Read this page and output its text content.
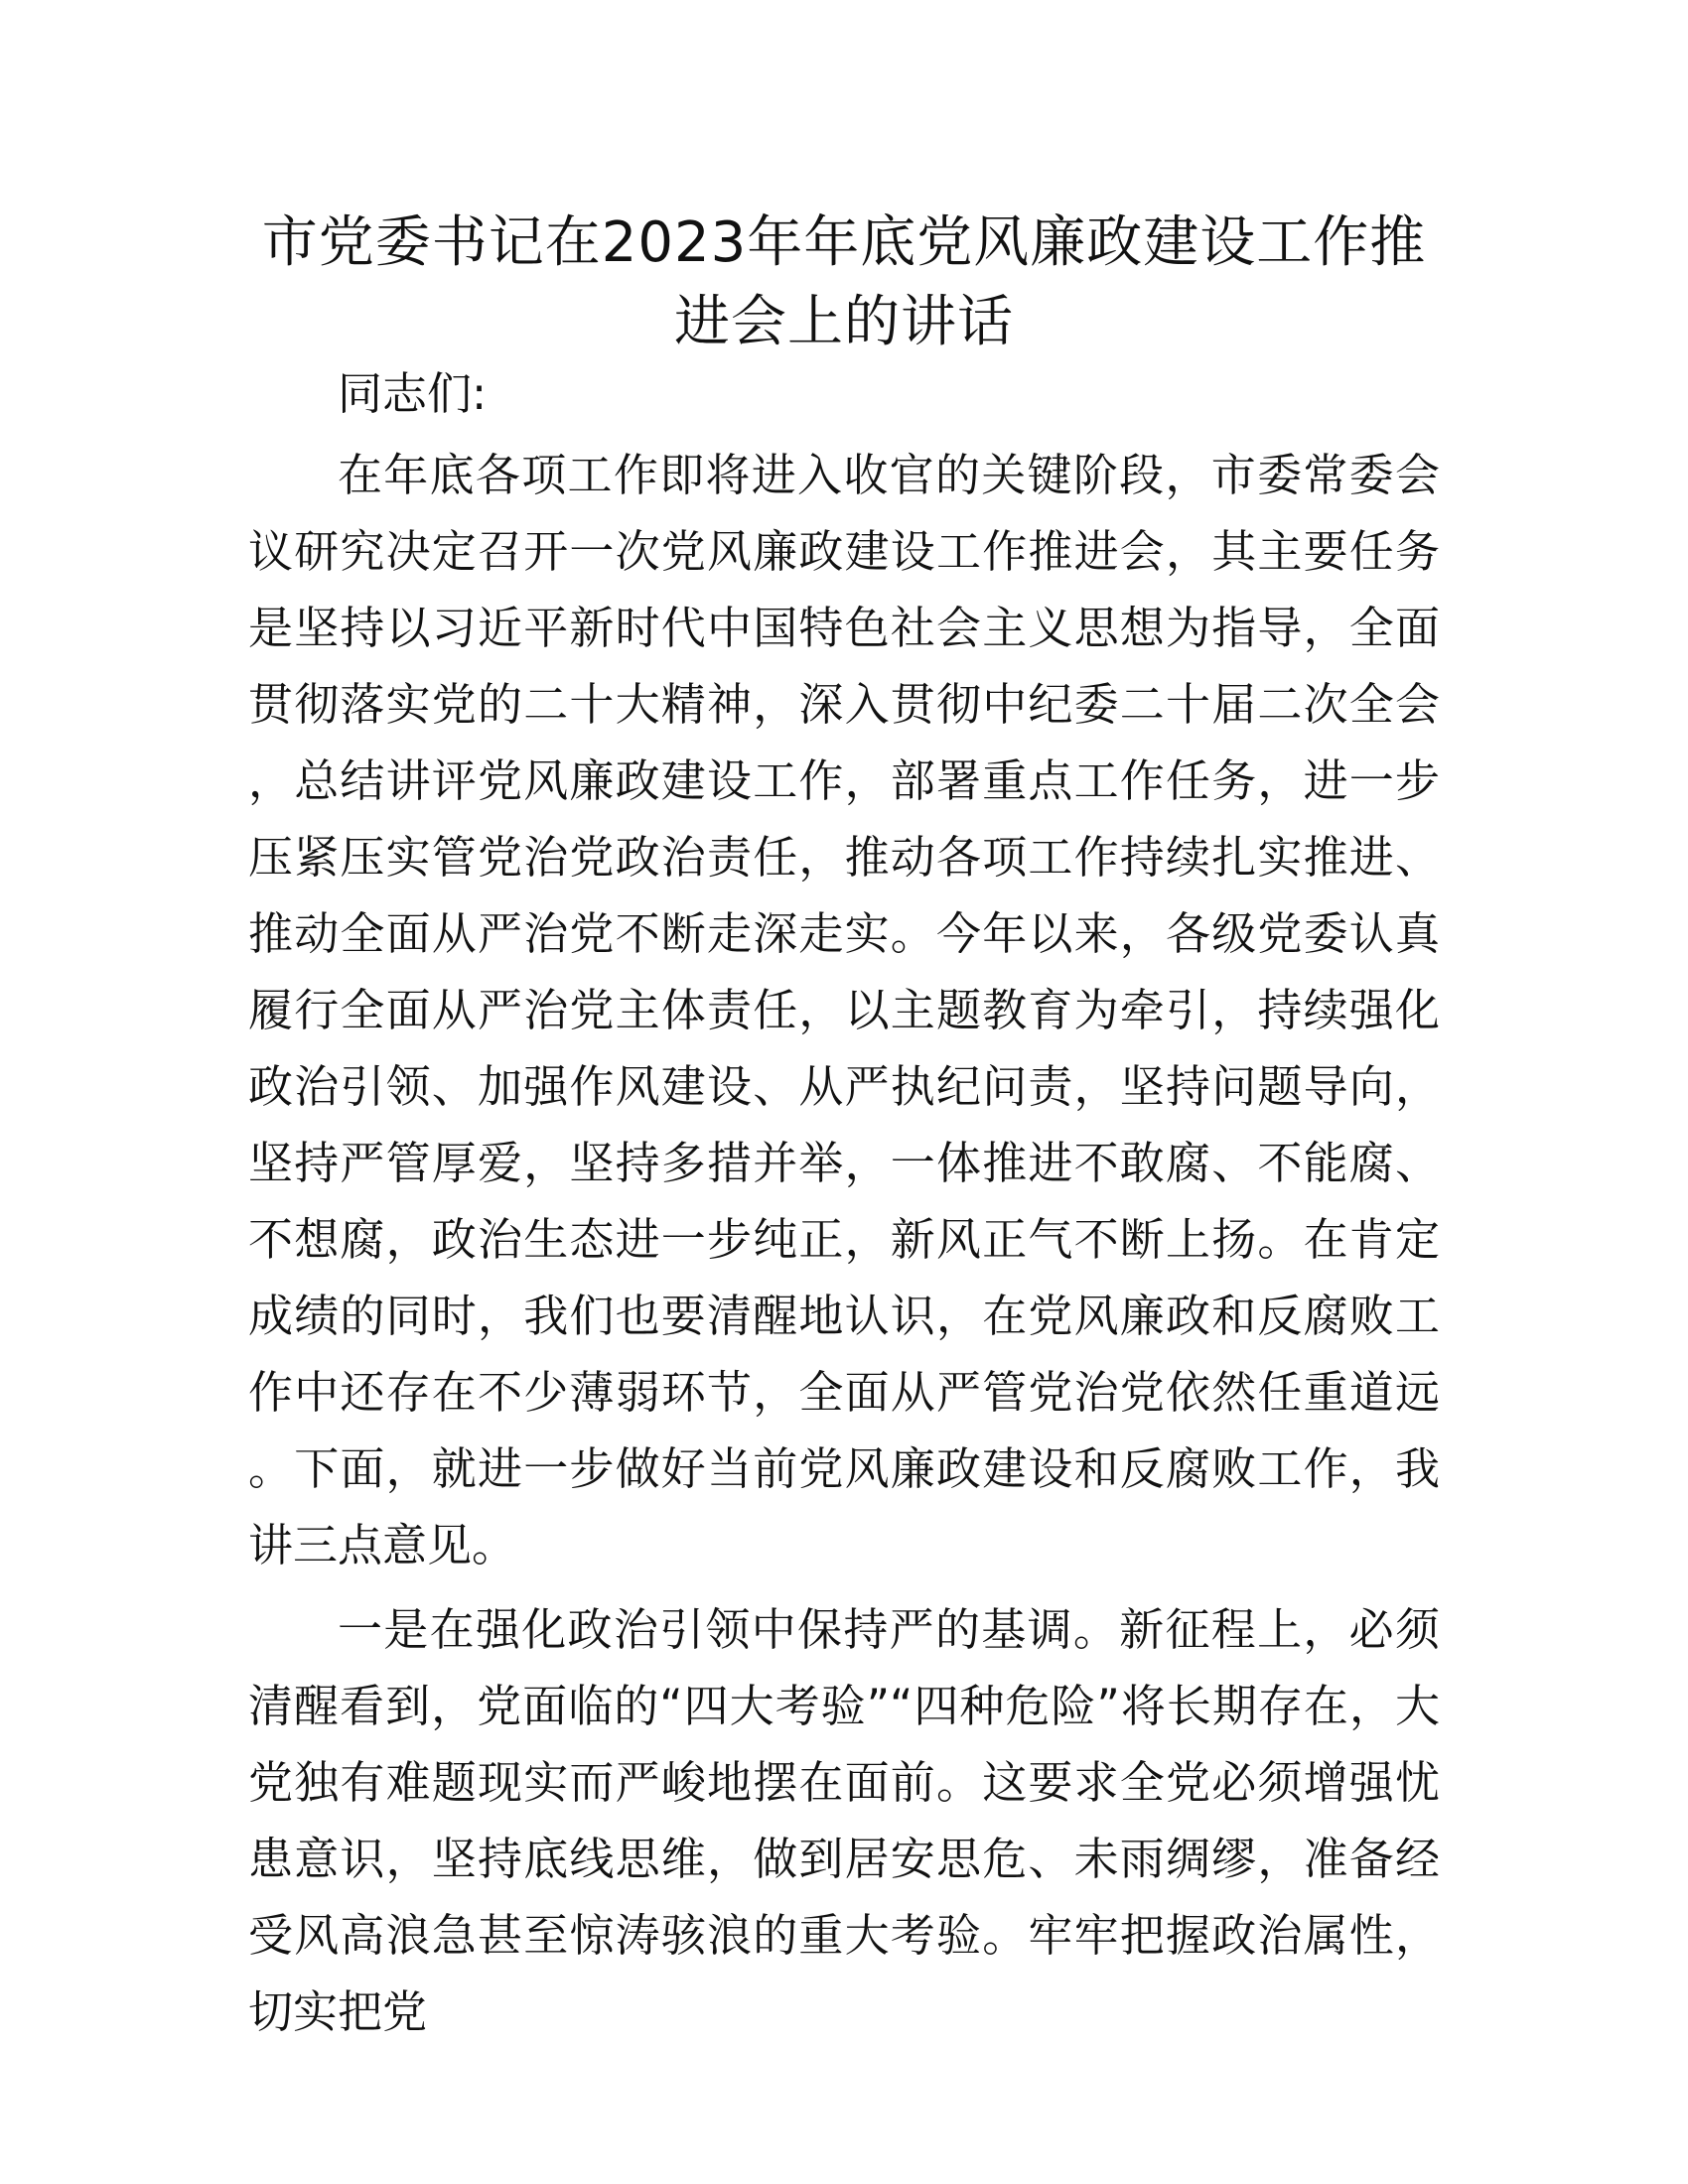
市党委书记在2023年年底党风廉政建设工作推
进会上的讲话

同志们:

在年底各项工作即将进入收官的关键阶段，市委常委会议研究决定召开一次党风廉政建设工作推进会，其主要任务是坚持以习近平新时代中国特色社会主义思想为指导，全面贯彻落实党的二十大精神，深入贯彻中纪委二十届二次全会，总结讲评党风廉政建设工作，部署重点工作任务，进一步压紧压实管党治党政治责任，推动各项工作持续扎实推进、推动全面从严治党不断走深走实。今年以来，各级党委认真履行全面从严治党主体责任，以主题教育为牵引，持续强化政治引领、加强作风建设、从严执纪问责，坚持问题导向，坚持严管厚爱，坚持多措并举，一体推进不敢腐、不能腐、不想腐，政治生态进一步纯正，新风正气不断上扬。在肯定成绩的同时，我们也要清醒地认识，在党风廉政和反腐败工作中还存在不少薄弱环节，全面从严管党治党依然任重道远。下面，就进一步做好当前党风廉政建设和反腐败工作，我讲三点意见。

一是在强化政治引领中保持严的基调。新征程上，必须清醒看到，党面临的“四大考验”“四种危险”将长期存在，大党独有难题现实而严峻地摆在面前。这要求全党必须增强忧患意识，坚持底线思维，做到居安思危、未雨绸缪，准备经受风高浪急甚至惊涛骇浪的重大考验。牢牢把握政治属性，切实把党
